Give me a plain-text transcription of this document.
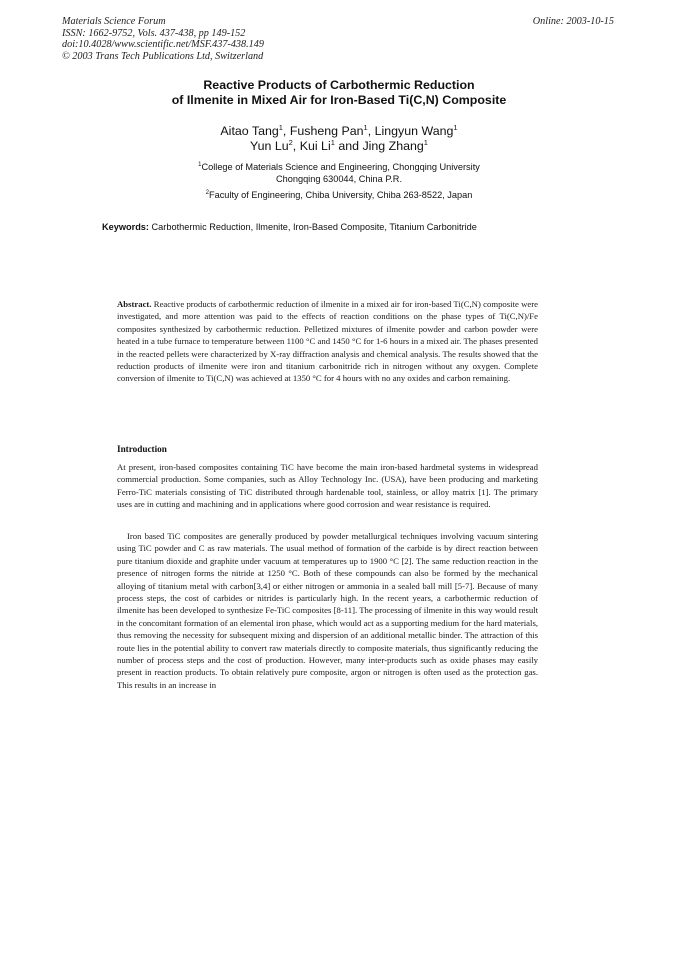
Materials Science Forum
ISSN: 1662-9752, Vols. 437-438, pp 149-152
doi:10.4028/www.scientific.net/MSF.437-438.149
© 2003 Trans Tech Publications Ltd, Switzerland
Online: 2003-10-15
Reactive Products of Carbothermic Reduction
of Ilmenite in Mixed Air for Iron-Based Ti(C,N) Composite
Aitao Tang$^1$, Fusheng Pan$^1$, Lingyun Wang$^1$
Yun Lu$^2$, Kui Li$^1$ and Jing Zhang$^1$
$^1$College of Materials Science and Engineering, Chongqing University
Chongqing 630044, China P.R.
$^2$Faculty of Engineering, Chiba University, Chiba 263-8522, Japan
Keywords: Carbothermic Reduction, Ilmenite, Iron-Based Composite, Titanium Carbonitride

Abstract. Reactive products of carbothermic reduction of ilmenite in a mixed air for iron-based Ti(C,N) composite were investigated, and more attention was paid to the effects of reaction conditions on the phase types of Ti(C,N)/Fe composites synthesized by carbothermic reduction. Pelletized mixtures of ilmenite powder and carbon powder were heated in a tube furnace to temperature between 1100 °C and 1450 °C for 1-6 hours in a mixed air. The phases presented in the reacted pellets were characterized by X-ray diffraction analysis and chemical analysis. The results showed that the reduction products of ilmenite were iron and titanium carbonitride rich in nitrogen without any oxygen. Complete conversion of ilmenite to Ti(C,N) was achieved at 1350 °C for 4 hours with no any oxides and carbon remaining.

Introduction

At present, iron-based composites containing TiC have become the main iron-based hardmetal systems in widespread commercial production. Some companies, such as Alloy Technology Inc. (USA), have been producing and marketing Ferro-TiC materials consisting of TiC distributed through hardenable tool, stainless, or alloy matrix [1]. The primary uses are in cutting and machining and in applications where good corrosion and wear resistance is required.

Iron based TiC composites are generally produced by powder metallurgical techniques involving vacuum sintering using TiC powder and C as raw materials. The usual method of formation of the carbide is by direct reaction between pure titanium dioxide and graphite under vacuum at temperatures up to 1900 °C [2]. The same reduction reaction in the presence of nitrogen forms the nitride at 1250 °C. Both of these compounds can also be formed by the mechanical alloying of titanium metal with carbon[3,4] or either nitrogen or ammonia in a sealed ball mill [5-7]. Because of many process steps, the cost of carbides or nitrides is particularly high. In the recent years, a carbothermic reduction of ilmenite has been developed to synthesize Fe-TiC composites [8-11]. The processing of ilmenite in this way would result in the concomitant formation of an elemental iron phase, which would act as a supporting medium for the hard materials, thus removing the necessity for subsequent mixing and dispersion of an additional metallic binder. The attraction of this route lies in the potential ability to convert raw materials directly to composite materials, thus significantly reducing the number of process steps and the cost of production. However, many inter-products such as oxide phases may easily present in reaction products. To obtain relatively pure composite, argon or nitrogen is often used as the protection gas. This results in an increase in
